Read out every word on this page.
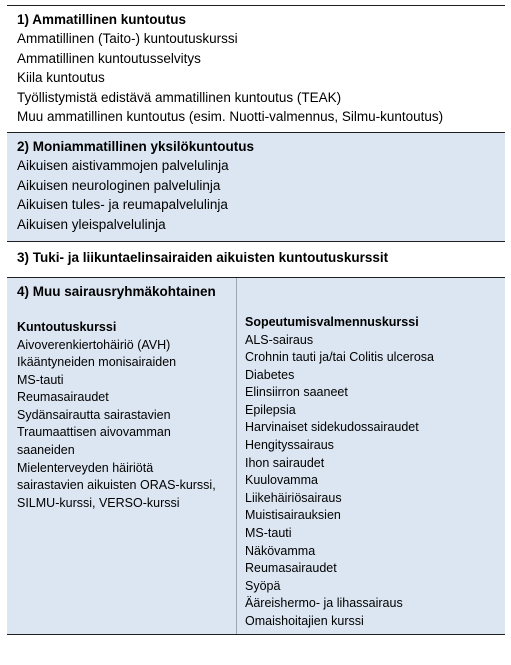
1) Ammatillinen kuntoutus
Ammatillinen (Taito-) kuntoutuskurssi
Ammatillinen kuntoutusselvitys
Kiila kuntoutus
Työllistymistä edistävä ammatillinen kuntoutus (TEAK)
Muu ammatillinen kuntoutus (esim. Nuotti-valmennus, Silmu-kuntoutus)
2) Moniammatillinen yksilökuntoutus
Aikuisen aistivammojen palvelulinja
Aikuisen neurologinen palvelulinja
Aikuisen tules- ja reumapalvelulinja
Aikuisen yleispalvelulinja
3) Tuki- ja liikuntaelinsairaiden aikuisten kuntoutuskurssit
4) Muu sairausryhmäkohtainen
Kuntoutuskurssi
Aivoverenkiertohäiriö (AVH)
Ikääntyneiden monisairaiden
MS-tauti
Reumasairaudet
Sydänsairautta sairastavien
Traumaattisen aivovamman
saaneiden
Mielenterveyden häiriötä
sairastavien aikuisten ORAS-kurssi,
SILMU-kurssi, VERSO-kurssi
Sopeutumisvalmennuskurssi
ALS-sairaus
Crohnin tauti ja/tai Colitis ulcerosa
Diabetes
Elinsiirron saaneet
Epilepsia
Harvinaiset sidekudossairaudet
Hengityssairaus
Ihon sairaudet
Kuulovamma
Liikehäiriösairaus
Muistisairauksien
MS-tauti
Näkövamma
Reumasairaudet
Syöpä
Ääreishermo- ja lihassairaus
Omaishoitajien kurssi
